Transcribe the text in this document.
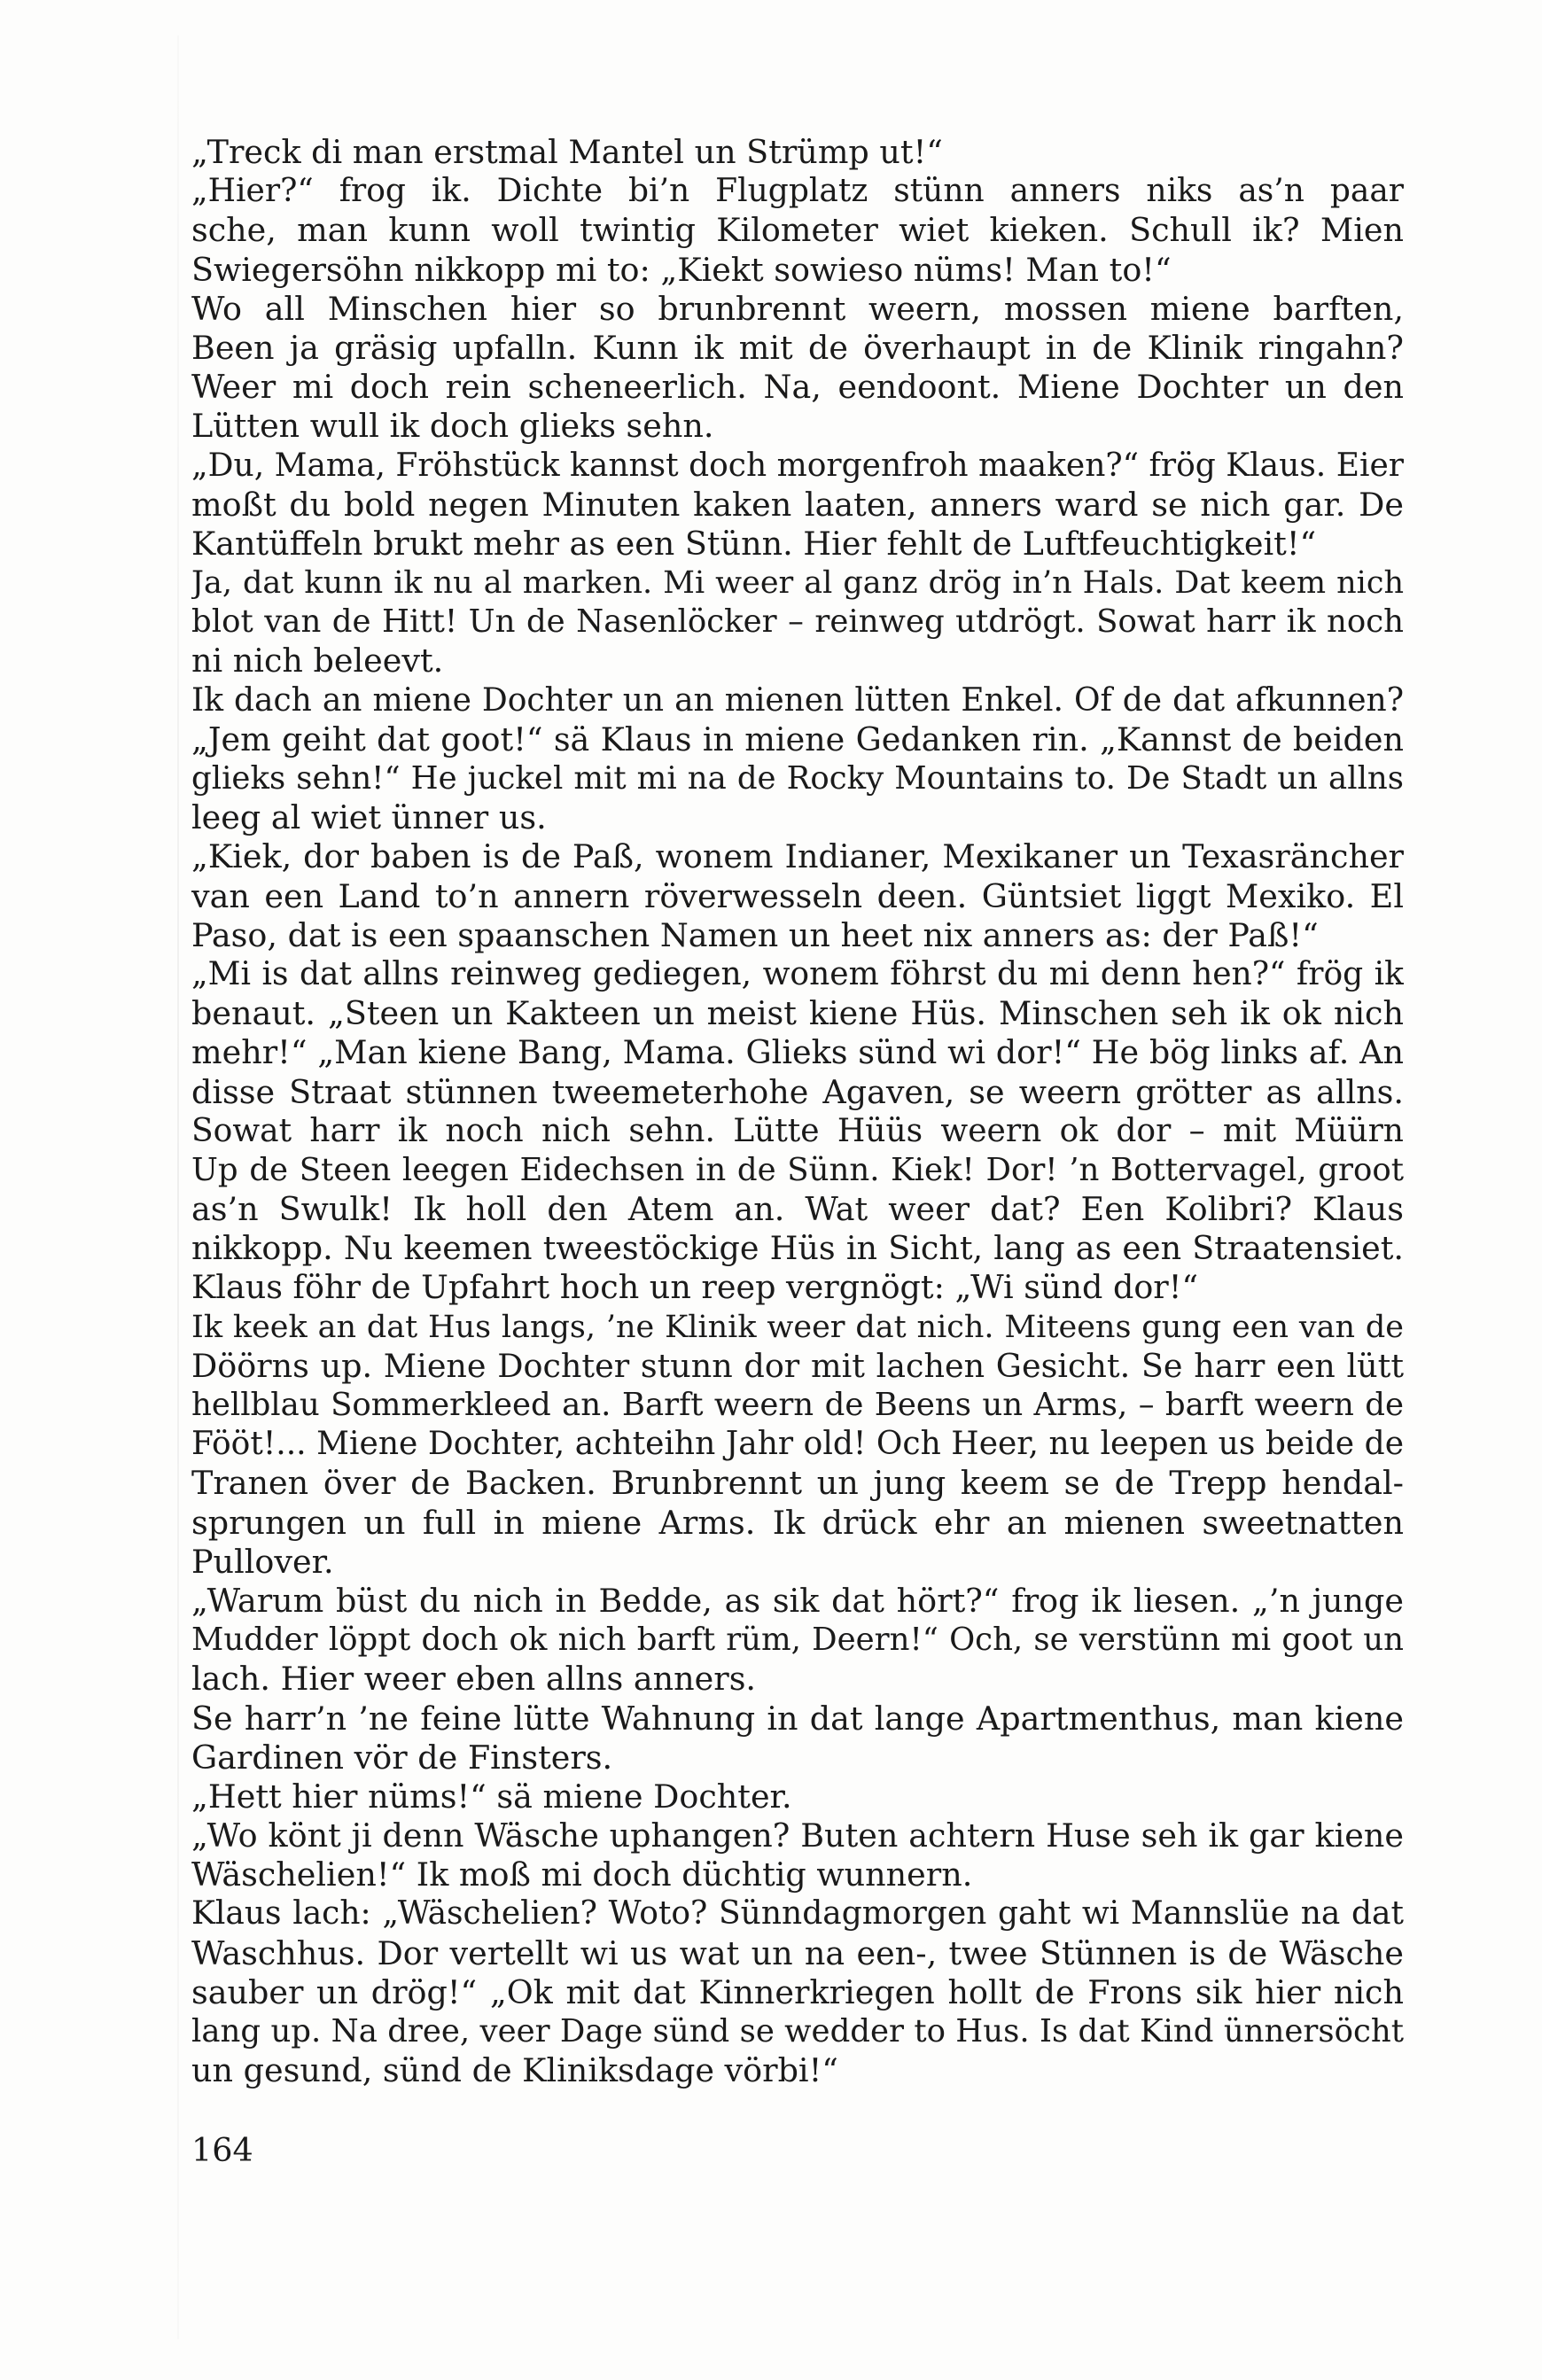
„Treck di man erstmal Mantel un Strümp ut!“
„Hier?“ frog ik. Dichte bi’n Flugplatz stünn anners niks as’n paar
sche, man kunn woll twintig Kilometer wiet kieken. Schull ik? Mien
Swiegersöhn nikkopp mi to: „Kiekt sowieso nüms! Man to!“
Wo all Minschen hier so brunbrennt weern, mossen miene barften,
Been ja gräsig upfalln. Kunn ik mit de överhaupt in de Klinik ringahn?
Weer mi doch rein scheneerlich. Na, eendoont. Miene Dochter un den
Lütten wull ik doch glieks sehn.
„Du, Mama, Fröhstück kannst doch morgenfroh maaken?“ frög Klaus. Eier
moßt du bold negen Minuten kaken laaten, anners ward se nich gar. De
Kantüffeln brukt mehr as een Stünn. Hier fehlt de Luftfeuchtigkeit!“
Ja, dat kunn ik nu al marken. Mi weer al ganz drög in’n Hals. Dat keem nich
blot van de Hitt! Un de Nasenlöcker – reinweg utdrögt. Sowat harr ik noch
ni nich beleevt.
Ik dach an miene Dochter un an mienen lütten Enkel. Of de dat afkunnen?
„Jem geiht dat goot!“ sä Klaus in miene Gedanken rin. „Kannst de beiden
glieks sehn!“ He juckel mit mi na de Rocky Mountains to. De Stadt un allns
leeg al wiet ünner us.
„Kiek, dor baben is de Paß, wonem Indianer, Mexikaner un Texasräncher
van een Land to’n annern röverwesseln deen. Güntsiet liggt Mexiko. El
Paso, dat is een spaanschen Namen un heet nix anners as: der Paß!“
„Mi is dat allns reinweg gediegen, wonem föhrst du mi denn hen?“ frög ik
benaut. „Steen un Kakteen un meist kiene Hüs. Minschen seh ik ok nich
mehr!“ „Man kiene Bang, Mama. Glieks sünd wi dor!“ He bög links af. An
disse Straat stünnen tweemeterhohe Agaven, se weern grötter as allns.
Sowat harr ik noch nich sehn. Lütte Hüüs weern ok dor – mit Müürn
Up de Steen leegen Eidechsen in de Sünn. Kiek! Dor! ’n Bottervagel, groot
as’n Swulk! Ik holl den Atem an. Wat weer dat? Een Kolibri? Klaus
nikkopp. Nu keemen tweestöckige Hüs in Sicht, lang as een Straatensiet.
Klaus föhr de Upfahrt hoch un reep vergnögt: „Wi sünd dor!“
Ik keek an dat Hus langs, ’ne Klinik weer dat nich. Miteens gung een van de
Döörns up. Miene Dochter stunn dor mit lachen Gesicht. Se harr een lütt
hellblau Sommerkleed an. Barft weern de Beens un Arms, – barft weern de
Fööt!... Miene Dochter, achteihn Jahr old! Och Heer, nu leepen us beide de
Tranen över de Backen. Brunbrennt un jung keem se de Trepp hendal-
sprungen un full in miene Arms. Ik drück ehr an mienen sweetnatten
Pullover.
„Warum büst du nich in Bedde, as sik dat hört?“ frog ik liesen. „’n junge
Mudder löppt doch ok nich barft rüm, Deern!“ Och, se verstünn mi goot un
lach. Hier weer eben allns anners.
Se harr’n ’ne feine lütte Wahnung in dat lange Apartmenthus, man kiene
Gardinen vör de Finsters.
„Hett hier nüms!“ sä miene Dochter.
„Wo könt ji denn Wäsche uphangen? Buten achtern Huse seh ik gar kiene
Wäschelien!“ Ik moß mi doch düchtig wunnern.
Klaus lach: „Wäschelien? Woto? Sünndagmorgen gaht wi Mannslüe na dat
Waschhus. Dor vertellt wi us wat un na een-, twee Stünnen is de Wäsche
sauber un drög!“ „Ok mit dat Kinnerkriegen hollt de Frons sik hier nich
lang up. Na dree, veer Dage sünd se wedder to Hus. Is dat Kind ünnersöcht
un gesund, sünd de Kliniksdage vörbi!“
164
